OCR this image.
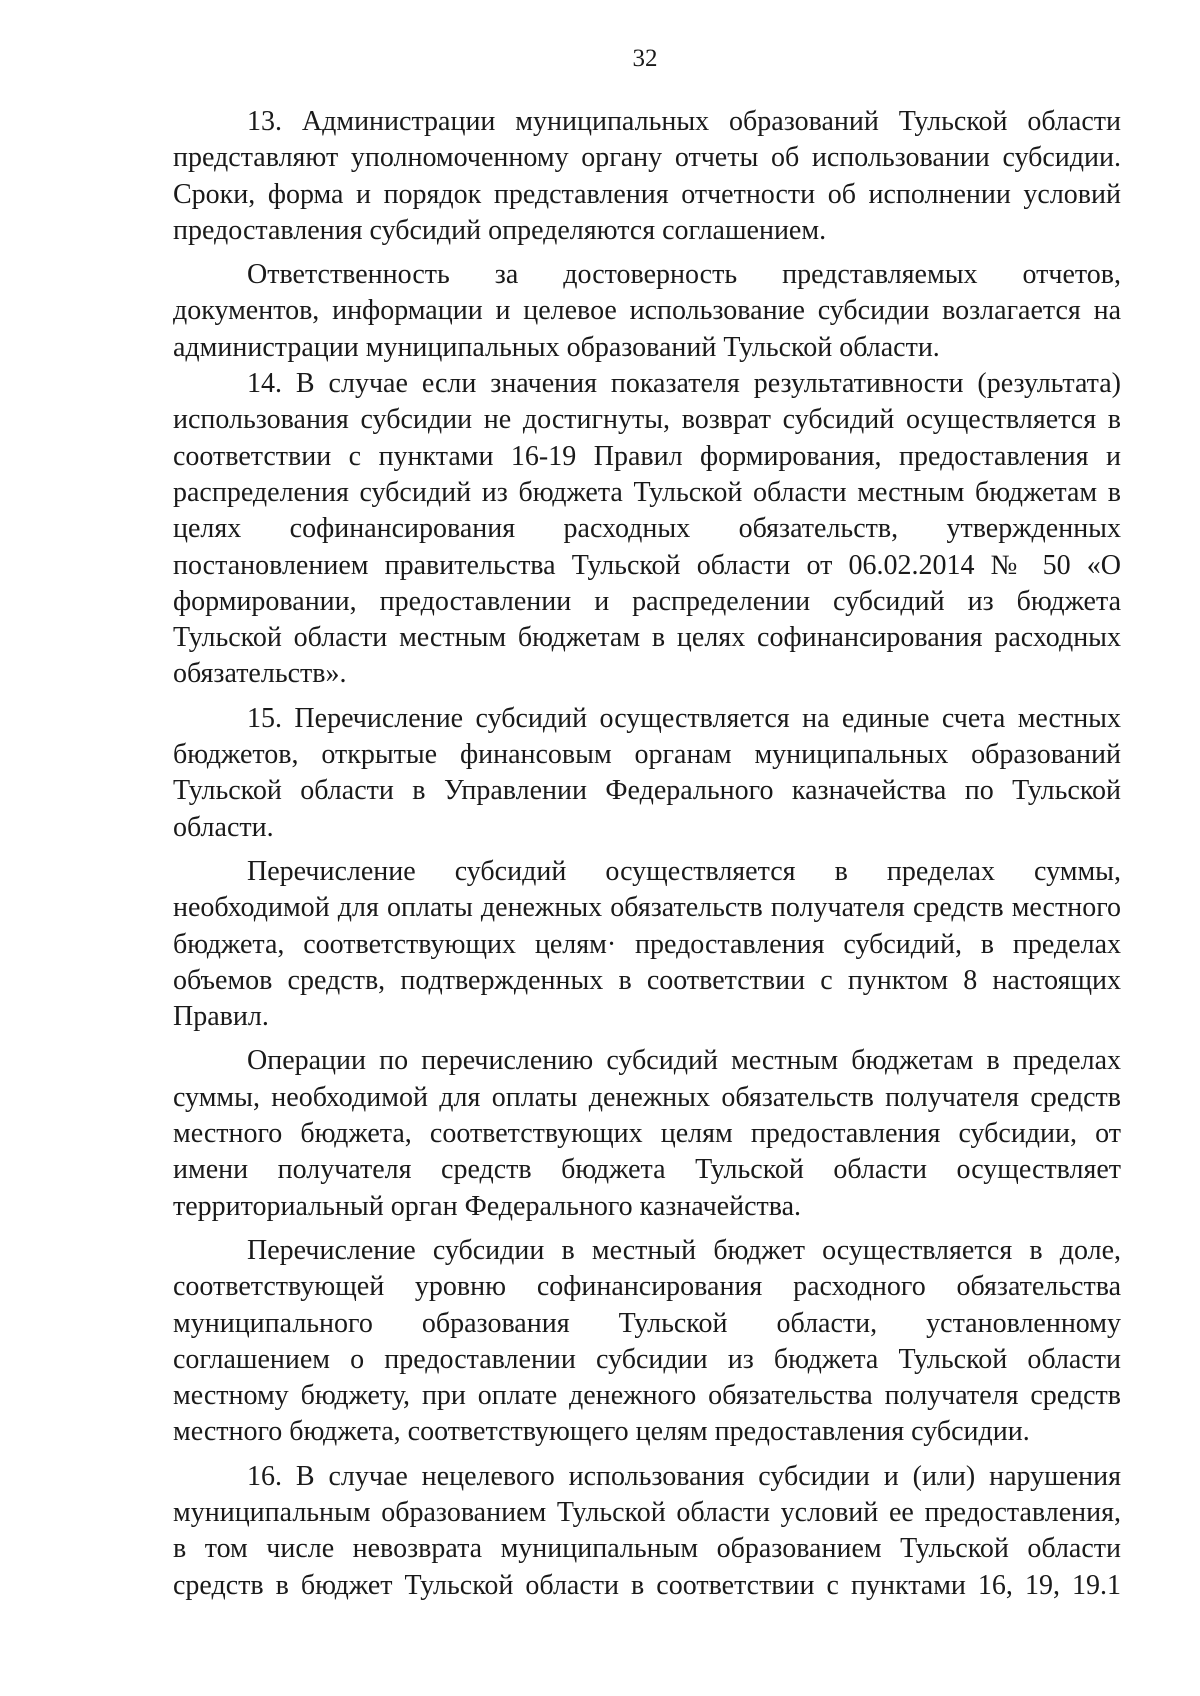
32

13. Администрации муниципальных образований Тульской области
представляют уполномоченному органу отчеты об использовании субсидии.
Сроки, форма и порядок представления отчетности об исполнении условий
предоставления субсидий определяются соглашением.

Ответственность за достоверность представляемых отчетов,
документов, информации и целевое использование субсидии возлагается на
администрации муниципальных образований Тульской области.

14. В случае если значения показателя результативности (результата)
использования субсидии не достигнуты, возврат субсидий осуществляется в
соответствии с пунктами 16-19 Правил формирования, предоставления и
распределения субсидий из бюджета Тульской области местным бюджетам в
целях софинансирования расходных обязательств, утвержденных
постановлением правительства Тульской области от 06.02.2014 № 50 «О
формировании, предоставлении и распределении субсидий из бюджета
Тульской области местным бюджетам в целях софинансирования расходных
обязательств».

15. Перечисление субсидий осуществляется на единые счета местных
бюджетов, открытые финансовым органам муниципальных образований
Тульской области в Управлении Федерального казначейства по Тульской
области.

Перечисление субсидий осуществляется в пределах суммы,
необходимой для оплаты денежных обязательств получателя средств местного
бюджета, соответствующих целям· предоставления субсидий, в пределах
объемов средств, подтвержденных в соответствии с пунктом 8 настоящих
Правил.

Операции по перечислению субсидий местным бюджетам в пределах
суммы, необходимой для оплаты денежных обязательств получателя средств
местного бюджета, соответствующих целям предоставления субсидии, от
имени получателя средств бюджета Тульской области осуществляет
территориальный орган Федерального казначейства.

Перечисление субсидии в местный бюджет осуществляется в доле,
соответствующей уровню софинансирования расходного обязательства
муниципального образования Тульской области, установленному
соглашением о предоставлении субсидии из бюджета Тульской области
местному бюджету, при оплате денежного обязательства получателя средств
местного бюджета, соответствующего целям предоставления субсидии.

16. В случае нецелевого использования субсидии и (или) нарушения
муниципальным образованием Тульской области условий ее предоставления,
в том числе невозврата муниципальным образованием Тульской области
средств в бюджет Тульской области в соответствии с пунктами 16, 19, 19.1
